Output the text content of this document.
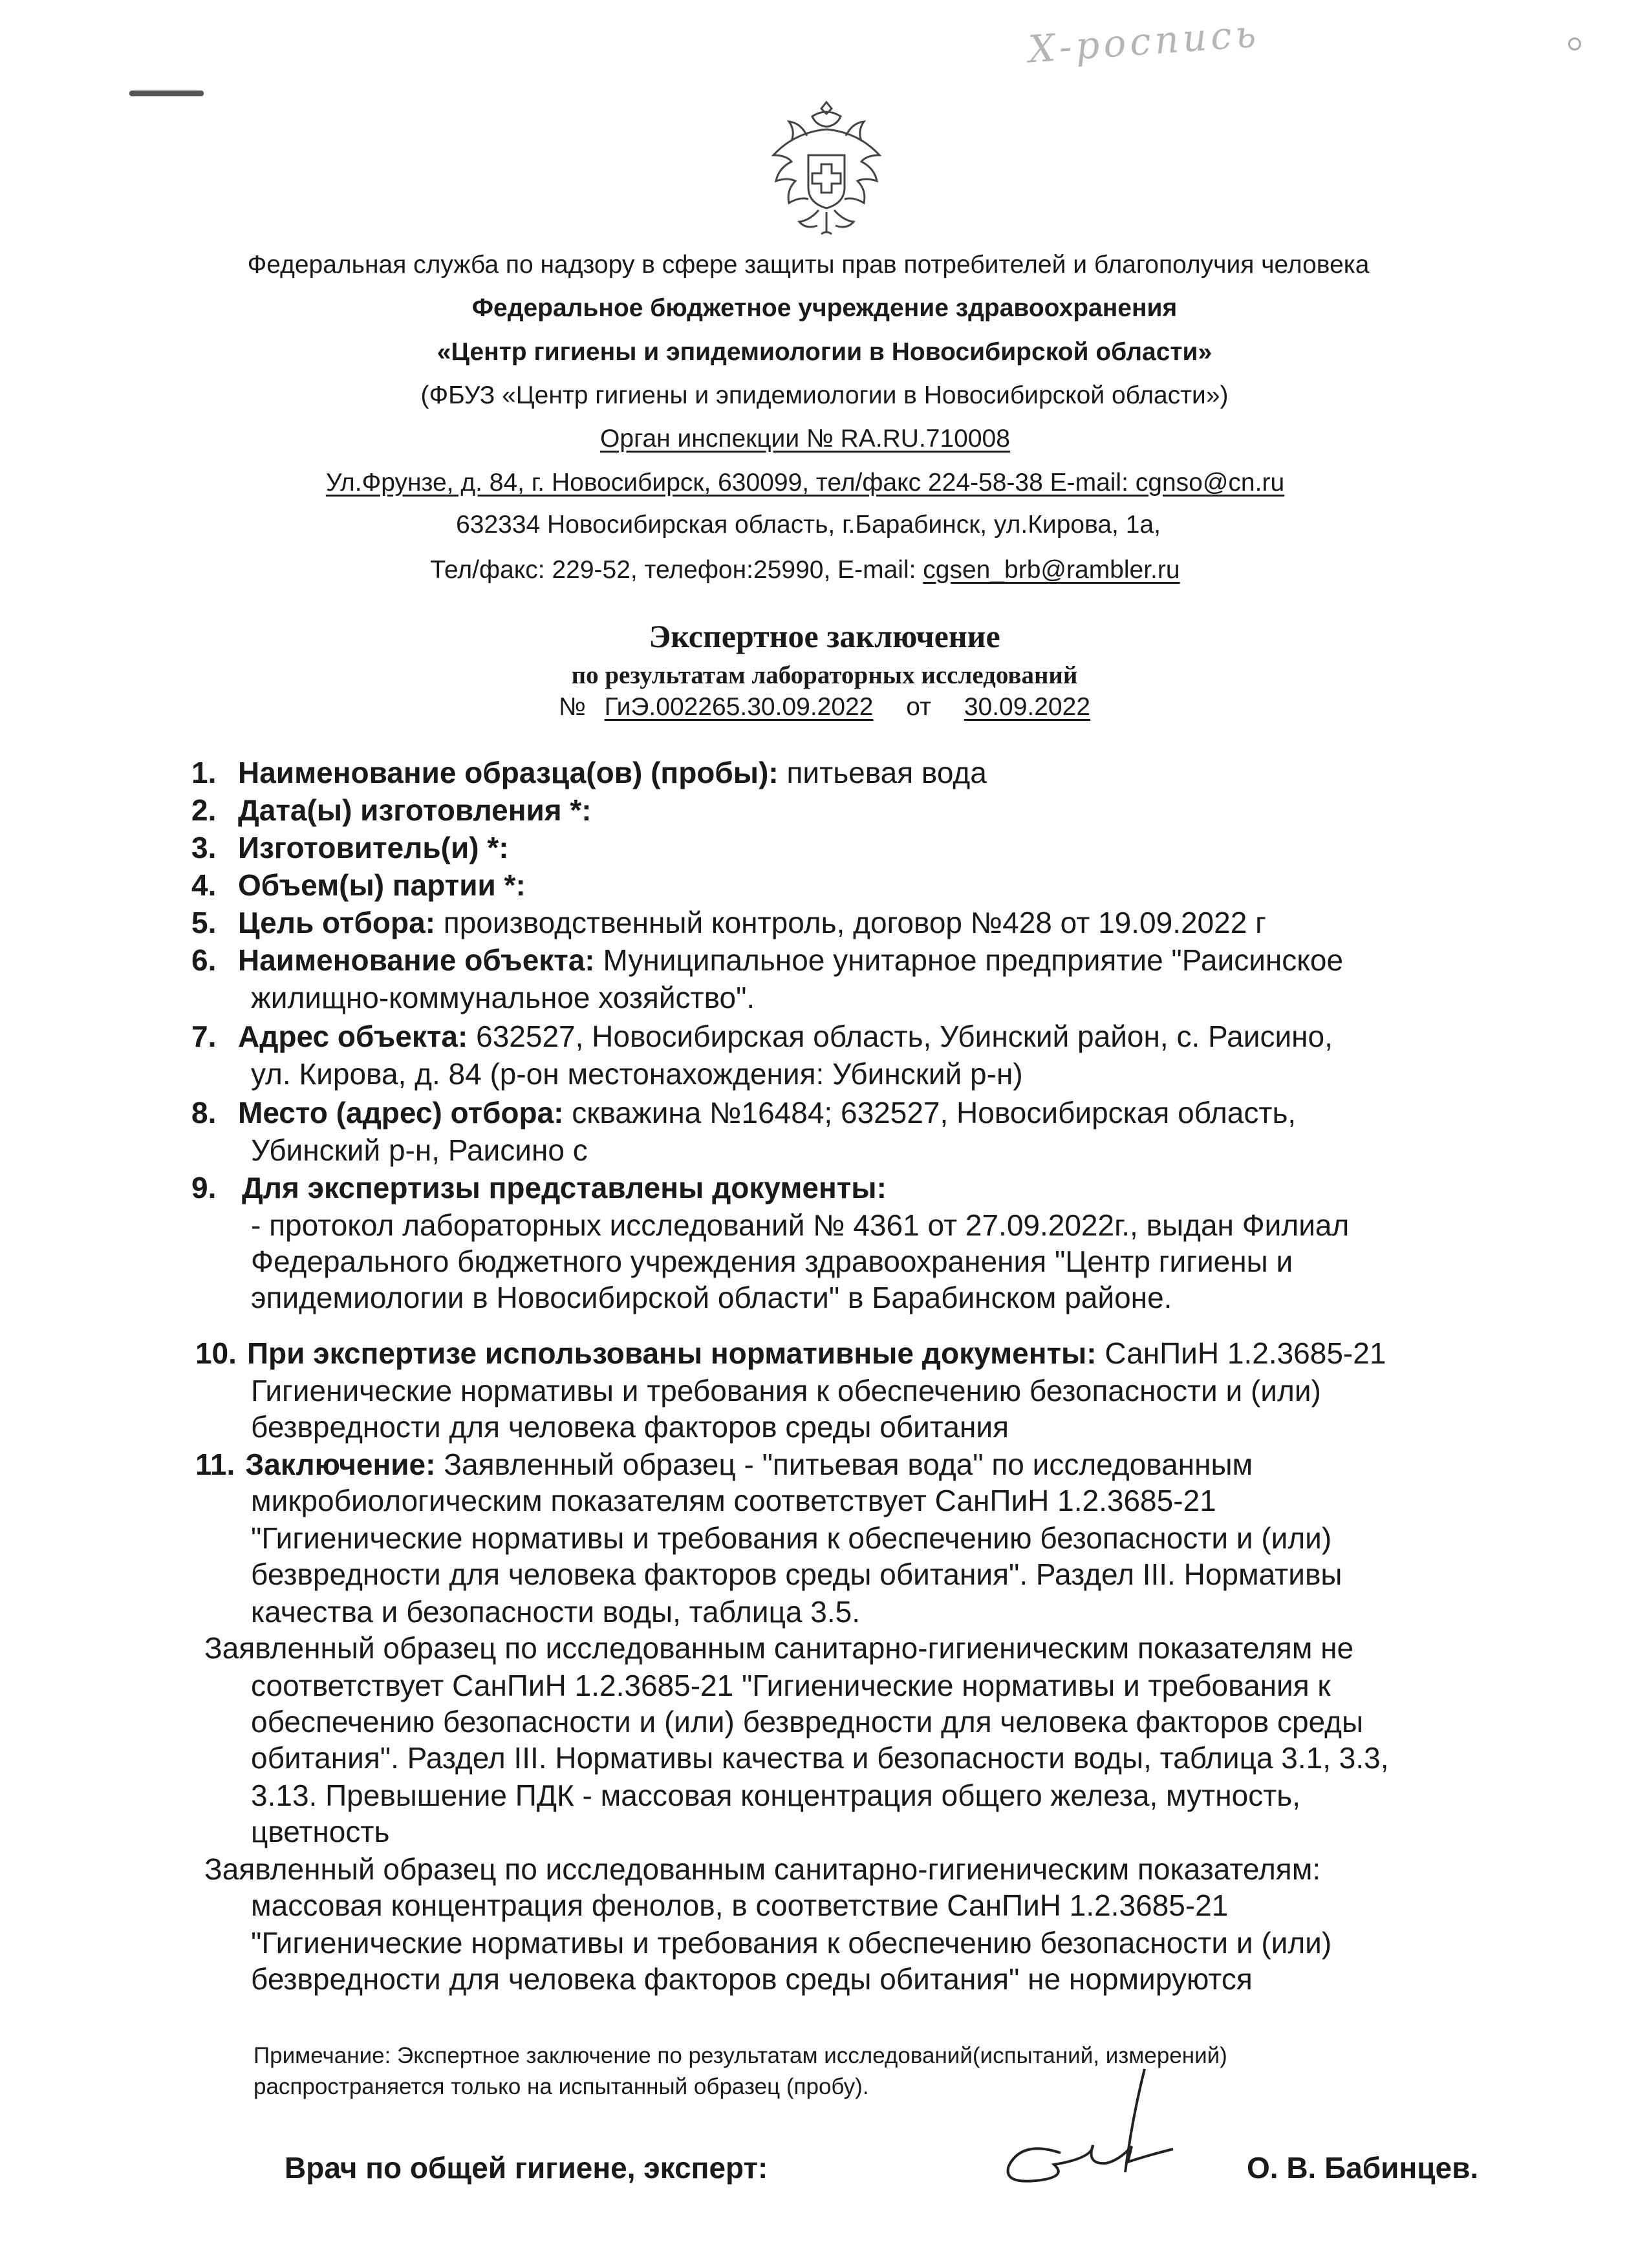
Х-роспись
Федеральная служба по надзору в сфере защиты прав потребителей и благополучия человека
Федеральное бюджетное учреждение здравоохранения
«Центр гигиены и эпидемиологии в Новосибирской области»
(ФБУЗ «Центр гигиены и эпидемиологии в Новосибирской области»)
Орган инспекции № RA.RU.710008
Ул.Фрунзе, д. 84, г. Новосибирск, 630099, тел/факс 224-58-38 E-mail: cgnso@cn.ru
632334 Новосибирская область, г.Барабинск, ул.Кирова, 1а,
Тел/факс: 229-52, телефон:25990, E-mail: cgsen_brb@rambler.ru
Экспертное заключение
по результатам лабораторных исследований
№ ГиЭ.002265.30.09.2022 от 30.09.2022
1. Наименование образца(ов) (пробы): питьевая вода
2. Дата(ы) изготовления *:
3. Изготовитель(и) *:
4. Объем(ы) партии *:
5. Цель отбора: производственный контроль, договор №428 от 19.09.2022 г
6. Наименование объекта: Муниципальное унитарное предприятие "Раисинское
жилищно-коммунальное хозяйство".
7. Адрес объекта: 632527, Новосибирская область, Убинский район, с. Раисино,
ул. Кирова, д. 84 (р-он местонахождения: Убинский р-н)
8. Место (адрес) отбора: скважина №16484; 632527, Новосибирская область,
Убинский р-н, Раисино с
9. Для экспертизы представлены документы:
- протокол лабораторных исследований № 4361 от 27.09.2022г., выдан Филиал
Федерального бюджетного учреждения здравоохранения "Центр гигиены и
эпидемиологии в Новосибирской области" в Барабинском районе.
10. При экспертизе использованы нормативные документы: СанПиН 1.2.3685-21
Гигиенические нормативы и требования к обеспечению безопасности и (или)
безвредности для человека факторов среды обитания
11. Заключение: Заявленный образец - "питьевая вода" по исследованным
микробиологическим показателям соответствует СанПиН 1.2.3685-21
"Гигиенические нормативы и требования к обеспечению безопасности и (или)
безвредности для человека факторов среды обитания". Раздел III. Нормативы
качества и безопасности воды, таблица 3.5.
Заявленный образец по исследованным санитарно-гигиеническим показателям не
соответствует СанПиН 1.2.3685-21 "Гигиенические нормативы и требования к
обеспечению безопасности и (или) безвредности для человека факторов среды
обитания". Раздел III. Нормативы качества и безопасности воды, таблица 3.1, 3.3,
3.13. Превышение ПДК - массовая концентрация общего железа, мутность,
цветность
Заявленный образец по исследованным санитарно-гигиеническим показателям:
массовая концентрация фенолов, в соответствие СанПиН 1.2.3685-21
"Гигиенические нормативы и требования к обеспечению безопасности и (или)
безвредности для человека факторов среды обитания" не нормируются
Примечание: Экспертное заключение по результатам исследований(испытаний, измерений)
распространяется только на испытанный образец (пробу).
Врач по общей гигиене, эксперт:	О. В. Бабинцев.
